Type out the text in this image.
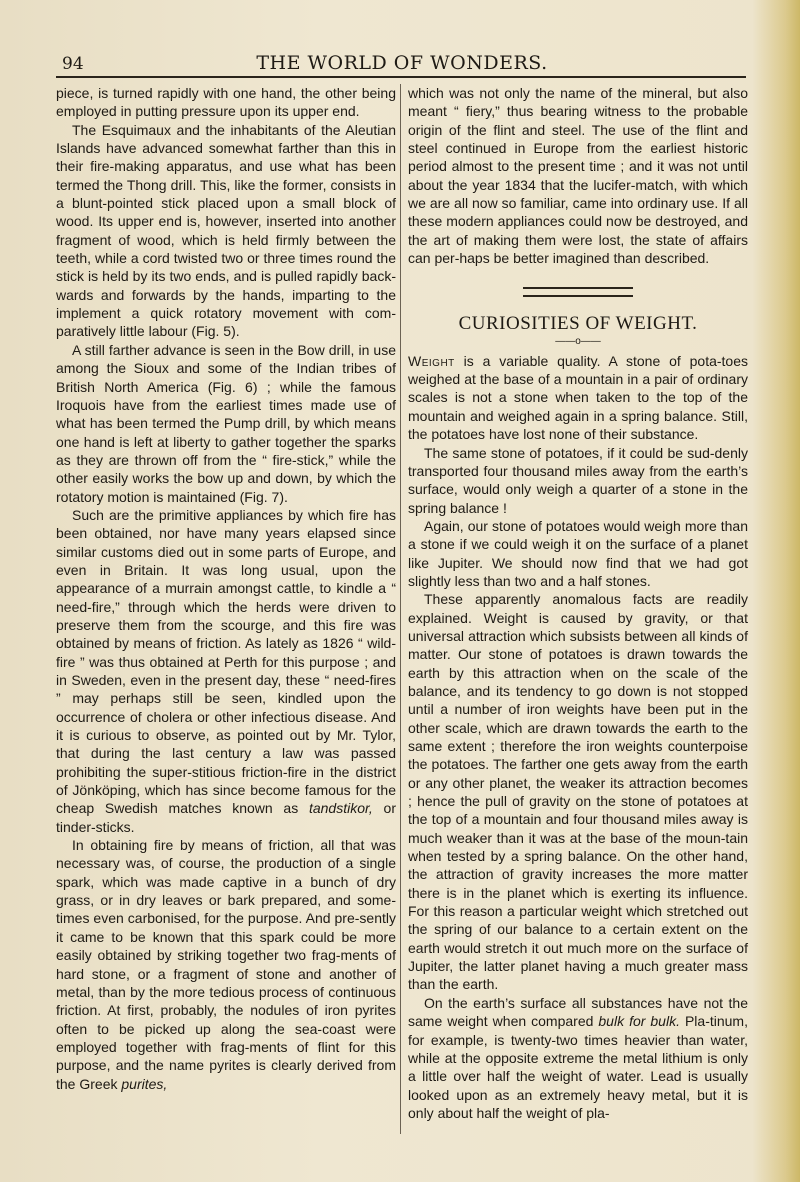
94	THE WORLD OF WONDERS.

piece, is turned rapidly with one hand, the other being employed in putting pressure upon its upper end.

The Esquimaux and the inhabitants of the Aleutian Islands have advanced somewhat farther than this in their fire-making apparatus, and use what has been termed the Thong drill. This, like the former, consists in a blunt-pointed stick placed upon a small block of wood. Its upper end is, however, inserted into another fragment of wood, which is held firmly between the teeth, while a cord twisted two or three times round the stick is held by its two ends, and is pulled rapidly back-wards and forwards by the hands, imparting to the implement a quick rotatory movement with com-paratively little labour (Fig. 5).

A still farther advance is seen in the Bow drill, in use among the Sioux and some of the Indian tribes of British North America (Fig. 6) ; while the famous Iroquois have from the earliest times made use of what has been termed the Pump drill, by which means one hand is left at liberty to gather together the sparks as they are thrown off from the “ fire-stick,” while the other easily works the bow up and down, by which the rotatory motion is maintained (Fig. 7).

Such are the primitive appliances by which fire has been obtained, nor have many years elapsed since similar customs died out in some parts of Europe, and even in Britain. It was long usual, upon the appearance of a murrain amongst cattle, to kindle a “ need-fire,” through which the herds were driven to preserve them from the scourge, and this fire was obtained by means of friction. As lately as 1826 “ wild-fire ” was thus obtained at Perth for this purpose ; and in Sweden, even in the present day, these “ need-fires ” may perhaps still be seen, kindled upon the occurrence of cholera or other infectious disease. And it is curious to observe, as pointed out by Mr. Tylor, that during the last century a law was passed prohibiting the super-stitious friction-fire in the district of Jönköping, which has since become famous for the cheap Swedish matches known as tandstikor, or tinder-sticks.

In obtaining fire by means of friction, all that was necessary was, of course, the production of a single spark, which was made captive in a bunch of dry grass, or in dry leaves or bark prepared, and some-times even carbonised, for the purpose. And pre-sently it came to be known that this spark could be more easily obtained by striking together two frag-ments of hard stone, or a fragment of stone and another of metal, than by the more tedious process of continuous friction. At first, probably, the nodules of iron pyrites often to be picked up along the sea-coast were employed together with frag-ments of flint for this purpose, and the name pyrites is clearly derived from the Greek purites,

which was not only the name of the mineral, but also meant “ fiery,” thus bearing witness to the probable origin of the flint and steel. The use of the flint and steel continued in Europe from the earliest historic period almost to the present time ; and it was not until about the year 1834 that the lucifer-match, with which we are all now so familiar, came into ordinary use. If all these modern appliances could now be destroyed, and the art of making them were lost, the state of affairs can per-haps be better imagined than described.

CURIOSITIES OF WEIGHT.
——o——

Weight is a variable quality. A stone of pota-toes weighed at the base of a mountain in a pair of ordinary scales is not a stone when taken to the top of the mountain and weighed again in a spring balance. Still, the potatoes have lost none of their substance.

The same stone of potatoes, if it could be sud-denly transported four thousand miles away from the earth’s surface, would only weigh a quarter of a stone in the spring balance !

Again, our stone of potatoes would weigh more than a stone if we could weigh it on the surface of a planet like Jupiter. We should now find that we had got slightly less than two and a half stones.

These apparently anomalous facts are readily explained. Weight is caused by gravity, or that universal attraction which subsists between all kinds of matter. Our stone of potatoes is drawn towards the earth by this attraction when on the scale of the balance, and its tendency to go down is not stopped until a number of iron weights have been put in the other scale, which are drawn towards the earth to the same extent ; therefore the iron weights counterpoise the potatoes. The farther one gets away from the earth or any other planet, the weaker its attraction becomes ; hence the pull of gravity on the stone of potatoes at the top of a mountain and four thousand miles away is much weaker than it was at the base of the moun-tain when tested by a spring balance. On the other hand, the attraction of gravity increases the more matter there is in the planet which is exerting its influence. For this reason a particular weight which stretched out the spring of our balance to a certain extent on the earth would stretch it out much more on the surface of Jupiter, the latter planet having a much greater mass than the earth.

On the earth’s surface all substances have not the same weight when compared bulk for bulk. Pla-tinum, for example, is twenty-two times heavier than water, while at the opposite extreme the metal lithium is only a little over half the weight of water. Lead is usually looked upon as an extremely heavy metal, but it is only about half the weight of pla-
